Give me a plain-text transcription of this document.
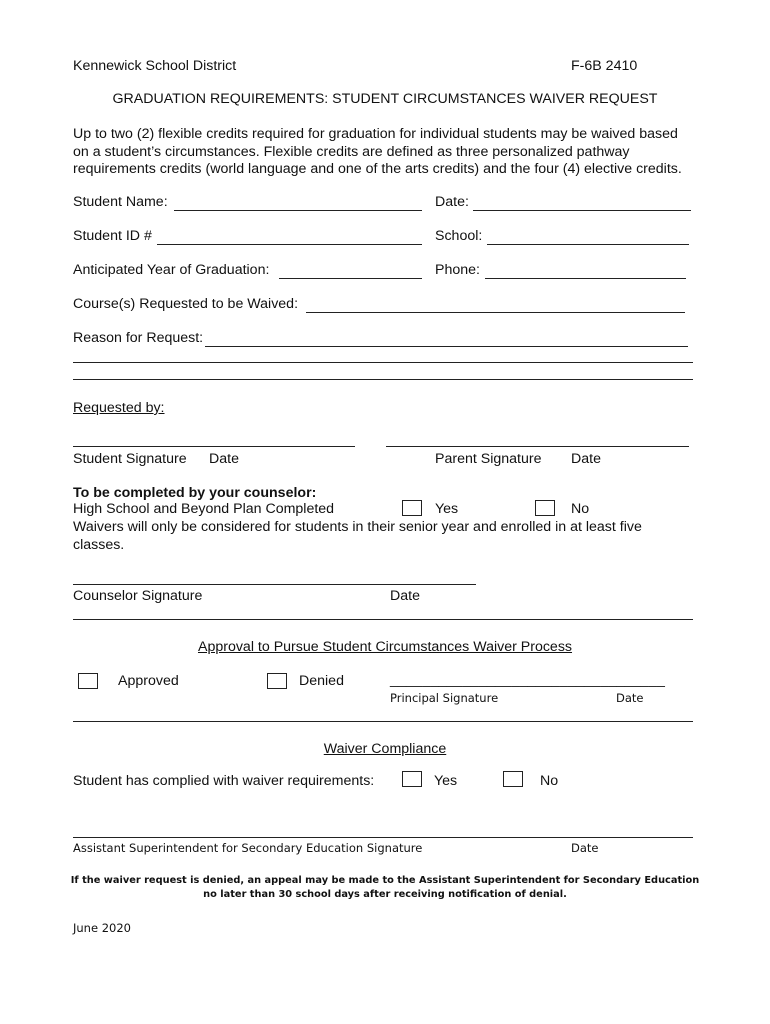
Kennewick School District	F-6B 2410
GRADUATION REQUIREMENTS: STUDENT CIRCUMSTANCES WAIVER REQUEST
Up to two (2) flexible credits required for graduation for individual students may be waived based
on a student’s circumstances. Flexible credits are defined as three personalized pathway
requirements credits (world language and one of the arts credits) and the four (4) elective credits.
Student Name:	Date:
Student ID #	School:
Anticipated Year of Graduation:	Phone:
Course(s) Requested to be Waived:
Reason for Request:
Requested by:
Student Signature Date	Parent Signature Date
To be completed by your counselor:
High School and Beyond Plan Completed	Yes	No
Waivers will only be considered for students in their senior year and enrolled in at least five
classes.
Counselor Signature	Date
Approval to Pursue Student Circumstances Waiver Process
Approved	Denied	__________________________________
Principal Signature	Date
Waiver Compliance
Student has complied with waiver requirements:	Yes	No
Assistant Superintendent for Secondary Education Signature	Date
If the waiver request is denied, an appeal may be made to the Assistant Superintendent for Secondary Education
no later than 30 school days after receiving notification of denial.
June 2020
